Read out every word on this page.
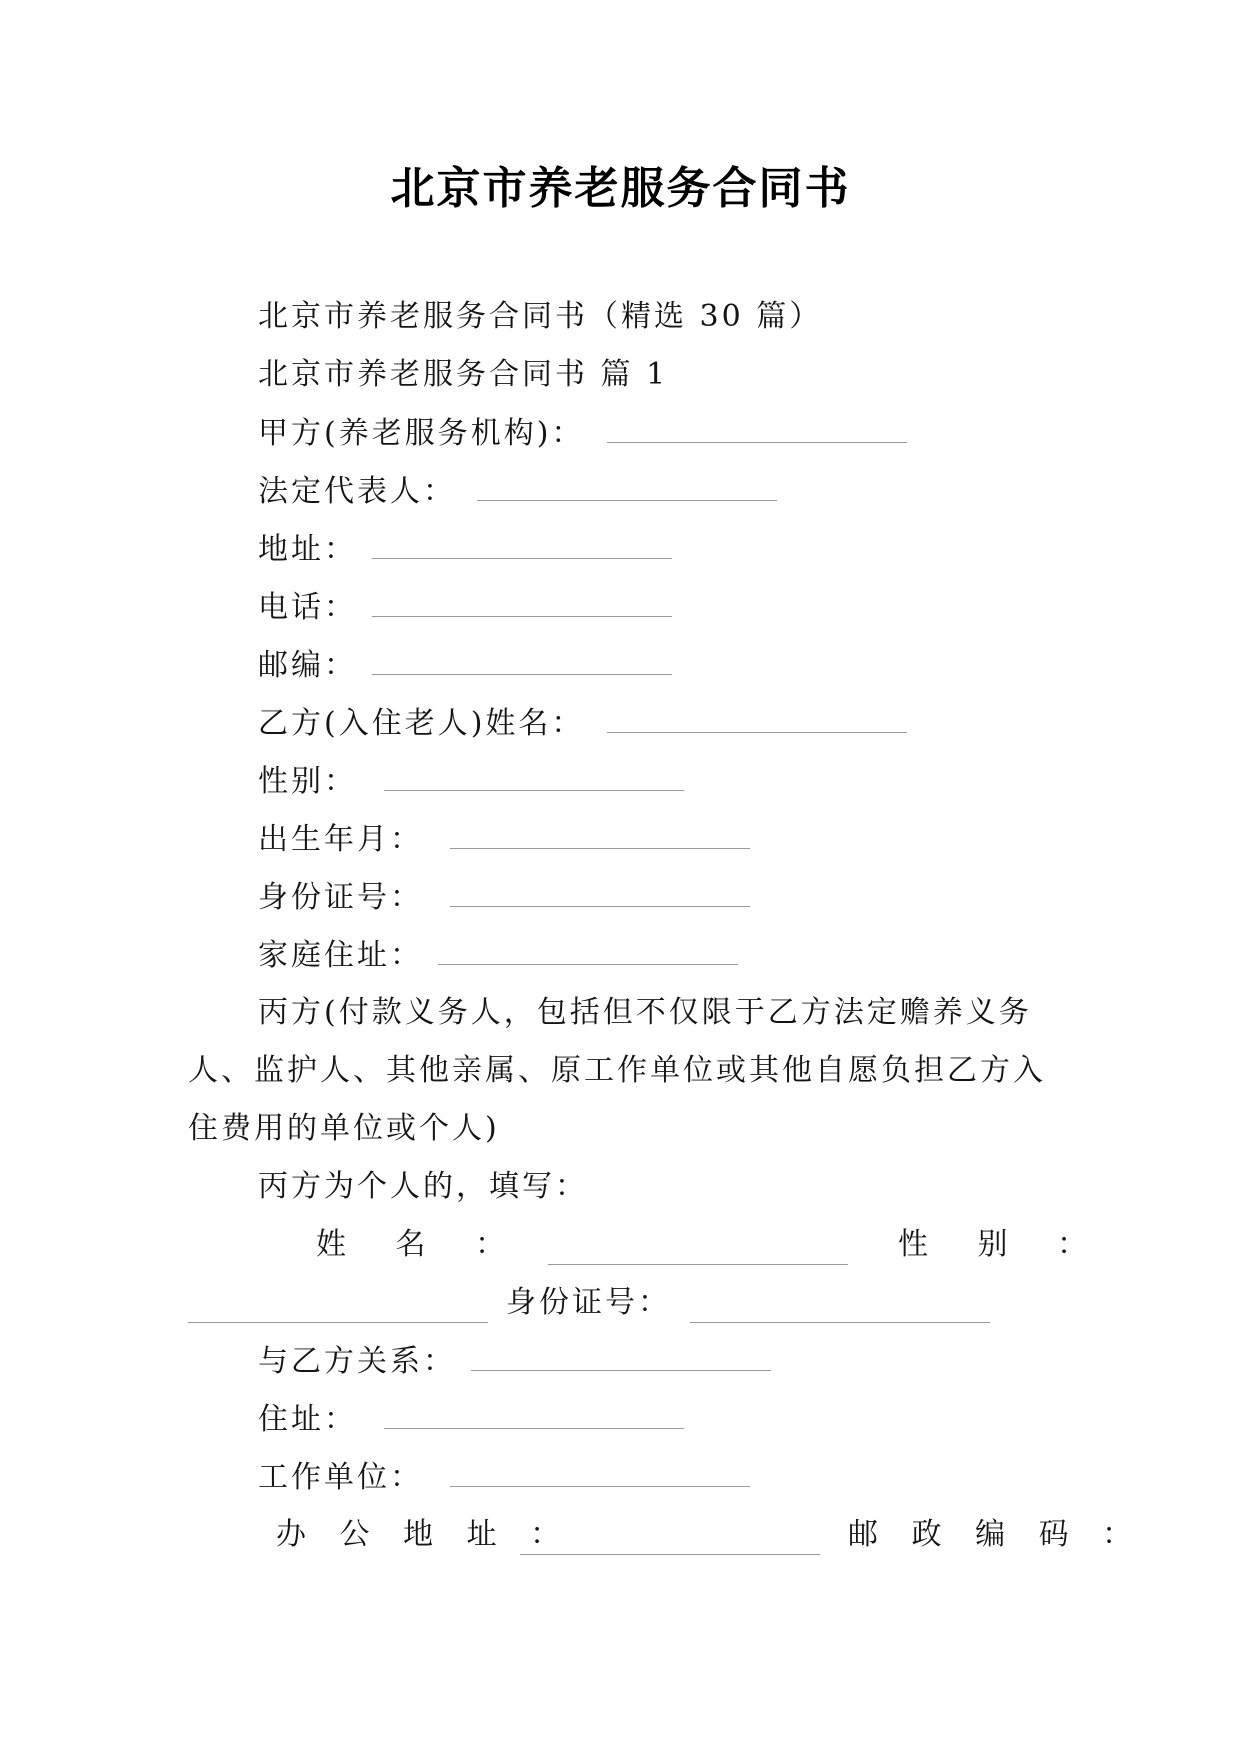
北京市养老服务合同书
北京市养老服务合同书（精选 30 篇）
北京市养老服务合同书 篇 1
甲方(养老服务机构)：
法定代表人：
地址：
电话：
邮编：
乙方(入住老人)姓名：
性别：
出生年月：
身份证号：
家庭住址：
丙方(付款义务人，包括但不仅限于乙方法定赡养义务
人、监护人、其他亲属、原工作单位或其他自愿负担乙方入
住费用的单位或个人)
丙方为个人的，填写：
姓 名 ：	性 别 ：
身份证号：
与乙方关系：
住址：
工作单位：
办 公 地 址 ：	邮 政 编 码 ：
